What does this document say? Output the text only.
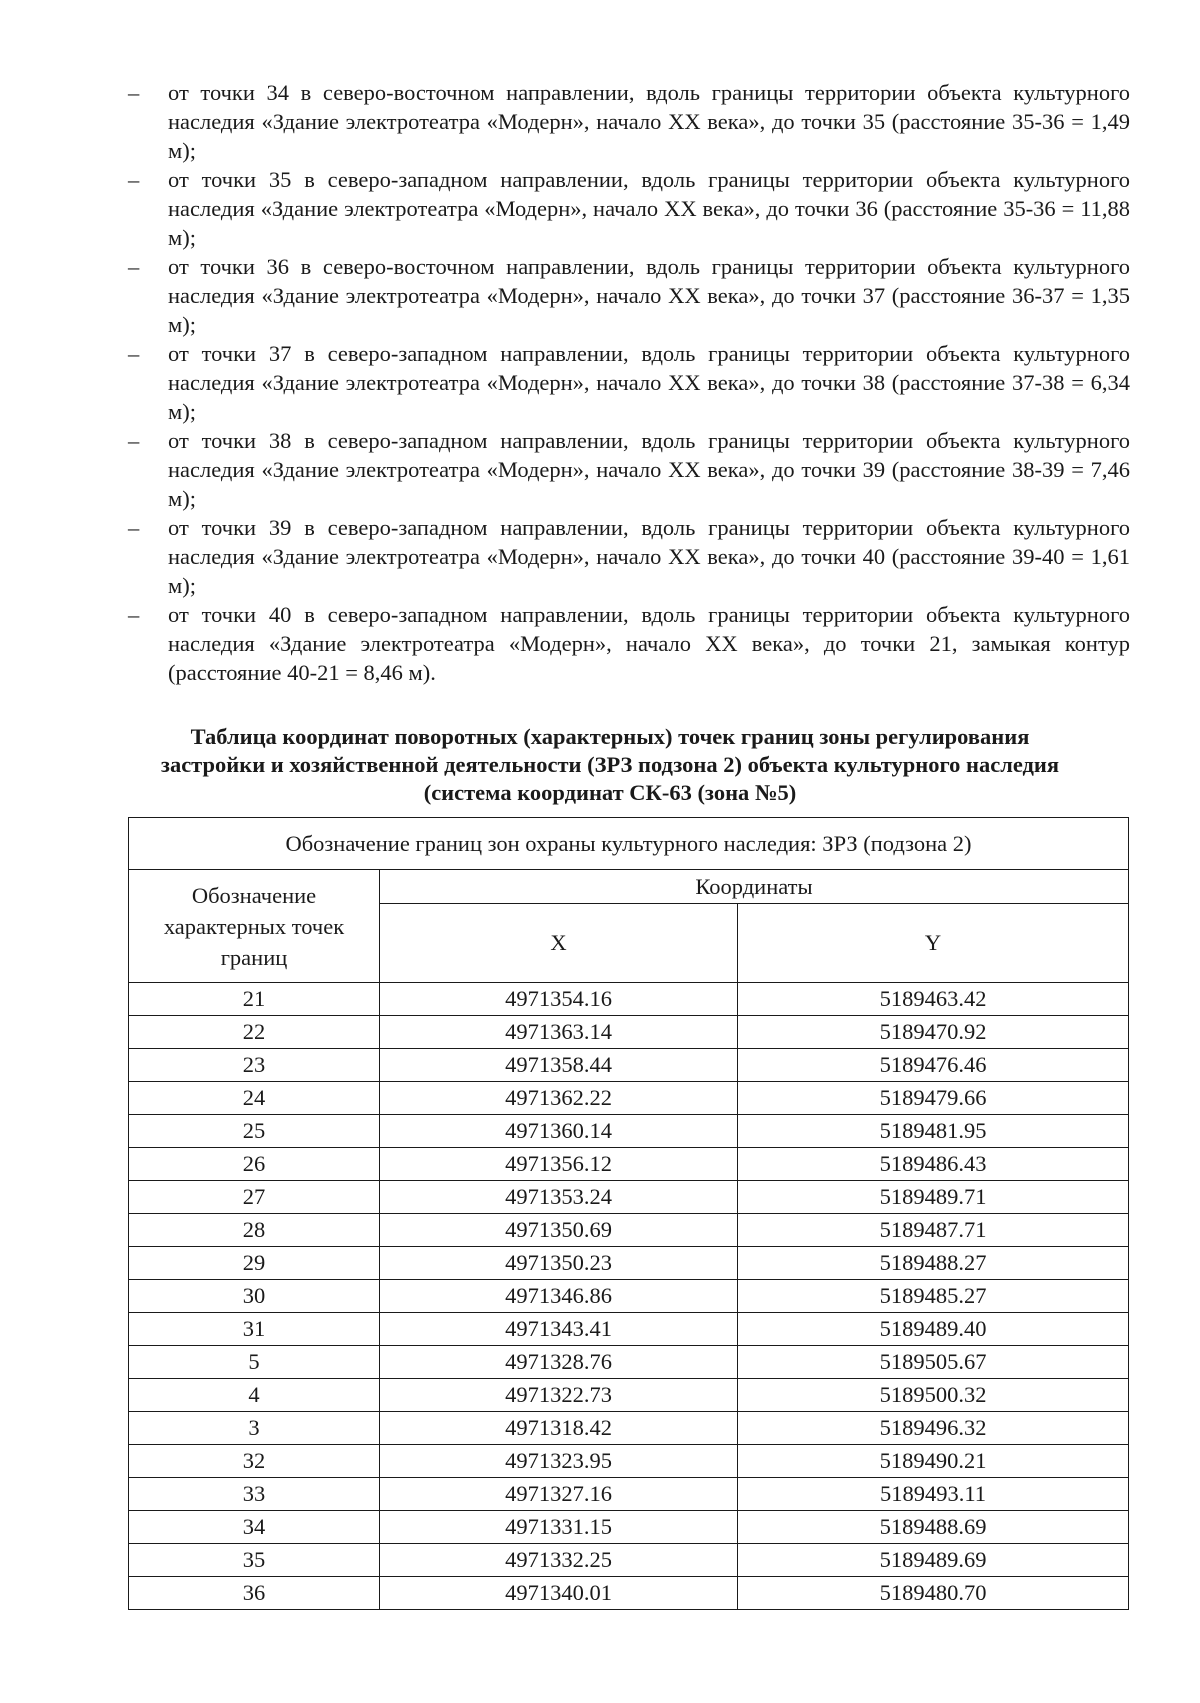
– от точки 34 в северо-восточном направлении, вдоль границы территории объекта культурного наследия «Здание электротеатра «Модерн», начало XX века», до точки 35 (расстояние 35-36 = 1,49 м);
– от точки 35 в северо-западном направлении, вдоль границы территории объекта культурного наследия «Здание электротеатра «Модерн», начало XX века», до точки 36 (расстояние 35-36 = 11,88 м);
– от точки 36 в северо-восточном направлении, вдоль границы территории объекта культурного наследия «Здание электротеатра «Модерн», начало XX века», до точки 37 (расстояние 36-37 = 1,35 м);
– от точки 37 в северо-западном направлении, вдоль границы территории объекта культурного наследия «Здание электротеатра «Модерн», начало XX века», до точки 38 (расстояние 37-38 = 6,34 м);
– от точки 38 в северо-западном направлении, вдоль границы территории объекта культурного наследия «Здание электротеатра «Модерн», начало XX века», до точки 39 (расстояние 38-39 = 7,46 м);
– от точки 39 в северо-западном направлении, вдоль границы территории объекта культурного наследия «Здание электротеатра «Модерн», начало XX века», до точки 40 (расстояние 39-40 = 1,61 м);
– от точки 40 в северо-западном направлении, вдоль границы территории объекта культурного наследия «Здание электротеатра «Модерн», начало XX века», до точки 21, замыкая контур (расстояние 40-21 = 8,46 м).
Таблица координат поворотных (характерных) точек границ зоны регулирования застройки и хозяйственной деятельности (ЗРЗ подзона 2) объекта культурного наследия (система координат СК-63 (зона №5)
Обозначение границ зон охраны культурного наследия: ЗРЗ (подзона 2)		
Обозначение характерных точек границ	Координаты	
	X	Y
21	4971354.16	5189463.42
22	4971363.14	5189470.92
23	4971358.44	5189476.46
24	4971362.22	5189479.66
25	4971360.14	5189481.95
26	4971356.12	5189486.43
27	4971353.24	5189489.71
28	4971350.69	5189487.71
29	4971350.23	5189488.27
30	4971346.86	5189485.27
31	4971343.41	5189489.40
5	4971328.76	5189505.67
4	4971322.73	5189500.32
3	4971318.42	5189496.32
32	4971323.95	5189490.21
33	4971327.16	5189493.11
34	4971331.15	5189488.69
35	4971332.25	5189489.69
36	4971340.01	5189480.70
